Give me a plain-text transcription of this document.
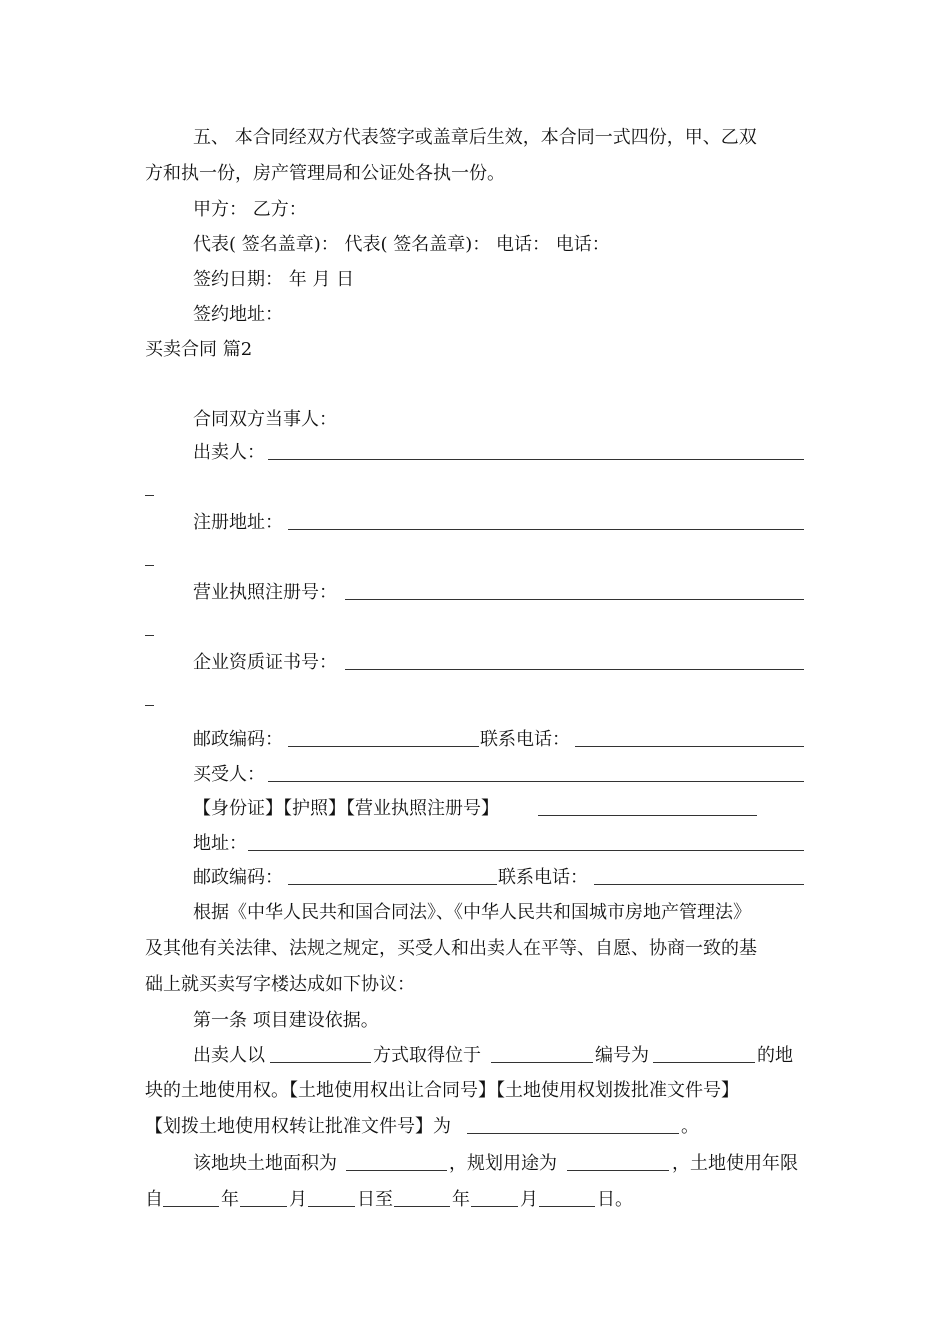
五、 本合同经双方代表签字或盖章后生效，本合同一式四份，甲、乙双
方和执一份，房产管理局和公证处各执一份。
甲方： 乙方：
代表( 签名盖章)： 代表( 签名盖章)： 电话： 电话：
签约日期： 年 月 日
签约地址：
买卖合同 篇2
合同双方当事人：
出卖人：
注册地址：
营业执照注册号：
企业资质证书号：
邮政编码：	联系电话：
买受人：
【身份证】【护照】【营业执照注册号】
地址：
邮政编码：	联系电话：
根据《中华人民共和国合同法》、《中华人民共和国城市房地产管理法》
及其他有关法律、法规之规定，买受人和出卖人在平等、自愿、协商一致的基
础上就买卖写字楼达成如下协议：
第一条 项目建设依据。
出卖人以	方式取得位于	编号为	的地
块的土地使用权。【土地使用权出让合同号】【土地使用权划拨批准文件号】
【划拨土地使用权转让批准文件号】为	。
该地块土地面积为	，规划用途为	，土地使用年限
自	年	月	日至	年	月	日。
